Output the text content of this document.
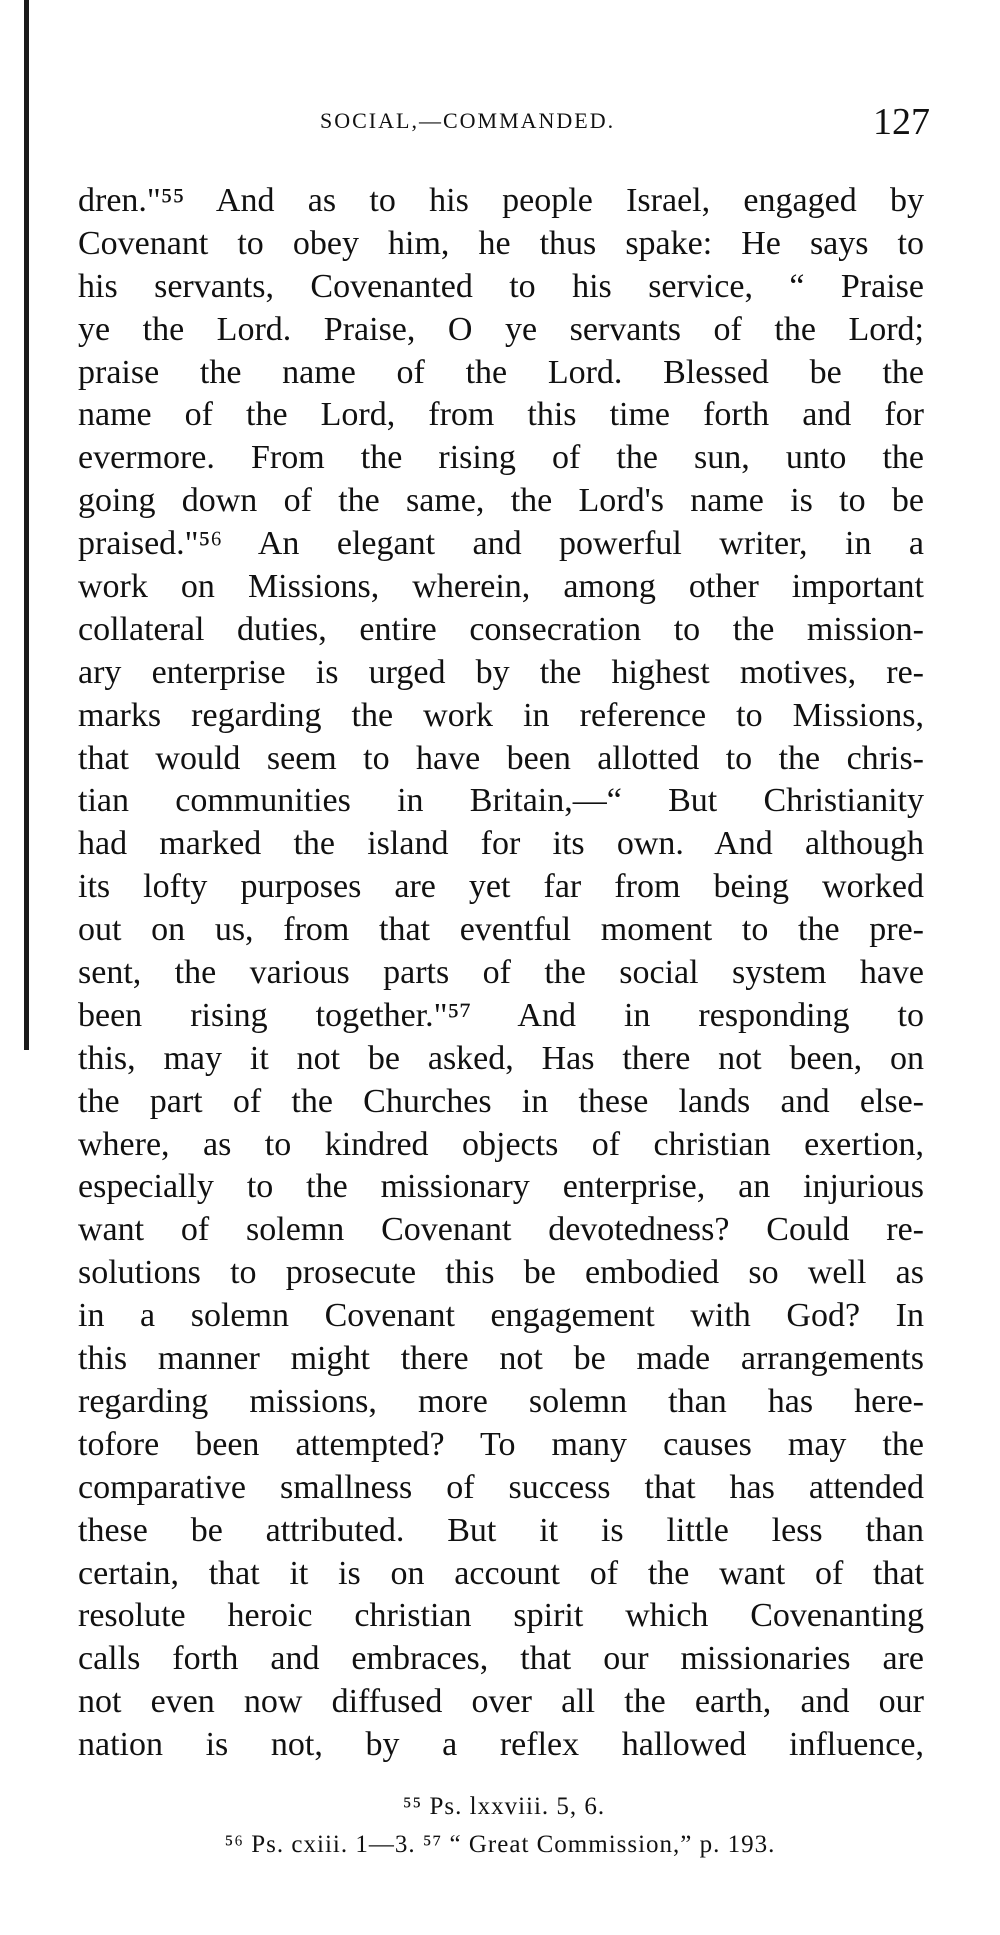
SOCIAL,—COMMANDED.	127
dren."⁵⁵ And as to his people Israel, engaged by
Covenant to obey him, he thus spake: He says to
his servants, Covenanted to his service, “ Praise
ye the Lord. Praise, O ye servants of the Lord;
praise the name of the Lord. Blessed be the
name of the Lord, from this time forth and for
evermore. From the rising of the sun, unto the
going down of the same, the Lord's name is to be
praised."⁵⁶ An elegant and powerful writer, in a
work on Missions, wherein, among other important
collateral duties, entire consecration to the mission-
ary enterprise is urged by the highest motives, re-
marks regarding the work in reference to Missions,
that would seem to have been allotted to the chris-
tian communities in Britain,—“ But Christianity
had marked the island for its own. And although
its lofty purposes are yet far from being worked
out on us, from that eventful moment to the pre-
sent, the various parts of the social system have
been rising together."⁵⁷ And in responding to
this, may it not be asked, Has there not been, on
the part of the Churches in these lands and else-
where, as to kindred objects of christian exertion,
especially to the missionary enterprise, an injurious
want of solemn Covenant devotedness? Could re-
solutions to prosecute this be embodied so well as
in a solemn Covenant engagement with God? In
this manner might there not be made arrangements
regarding missions, more solemn than has here-
tofore been attempted? To many causes may the
comparative smallness of success that has attended
these be attributed. But it is little less than
certain, that it is on account of the want of that
resolute heroic christian spirit which Covenanting
calls forth and embraces, that our missionaries are
not even now diffused over all the earth, and our
nation is not, by a reflex hallowed influence,
⁵⁵ Ps. lxxviii. 5, 6.
⁵⁶ Ps. cxiii. 1—3. ⁵⁷ “ Great Commission,” p. 193.
